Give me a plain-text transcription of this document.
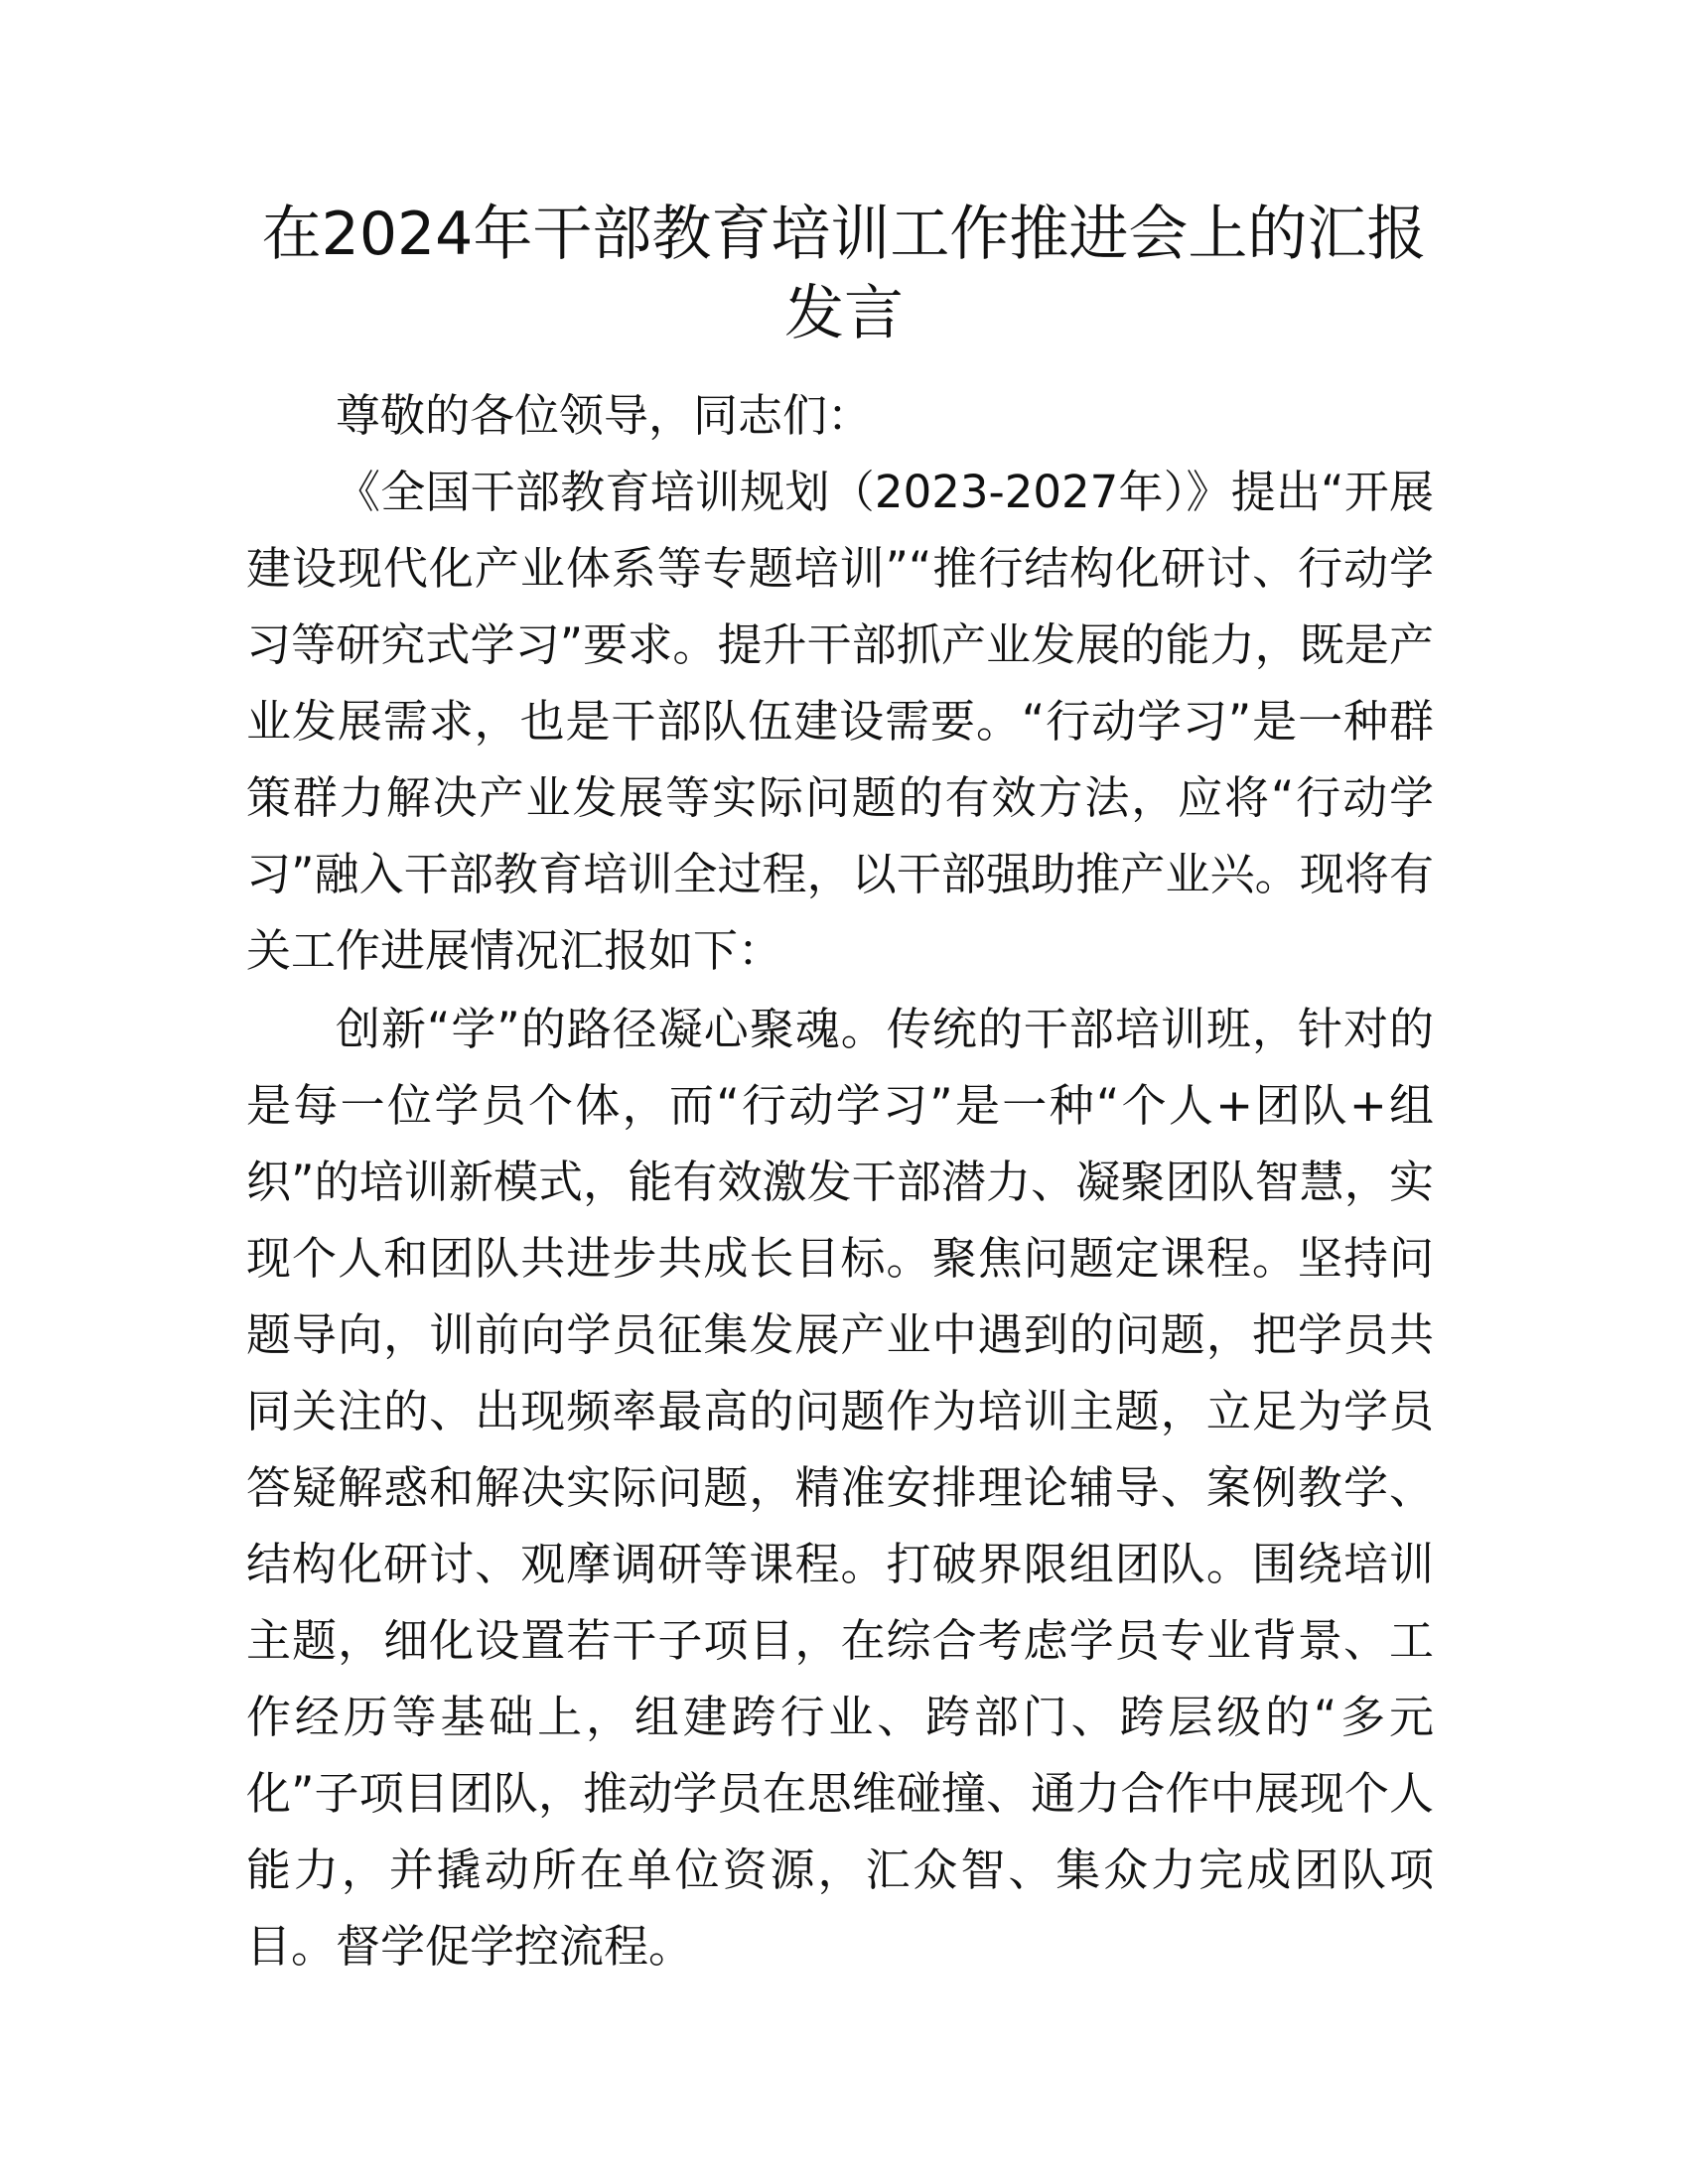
在2024年干部教育培训工作推进会上的汇报发言

尊敬的各位领导，同志们：

《全国干部教育培训规划（2023-2027年）》提出“开展建设现代化产业体系等专题培训”“推行结构化研讨、行动学习等研究式学习”要求。提升干部抓产业发展的能力，既是产业发展需求，也是干部队伍建设需要。“行动学习”是一种群策群力解决产业发展等实际问题的有效方法，应将“行动学习”融入干部教育培训全过程，以干部强助推产业兴。现将有关工作进展情况汇报如下：

创新“学”的路径凝心聚魂。传统的干部培训班，针对的是每一位学员个体，而“行动学习”是一种“个人+团队+组织”的培训新模式，能有效激发干部潜力、凝聚团队智慧，实现个人和团队共进步共成长目标。聚焦问题定课程。坚持问题导向，训前向学员征集发展产业中遇到的问题，把学员共同关注的、出现频率最高的问题作为培训主题，立足为学员答疑解惑和解决实际问题，精准安排理论辅导、案例教学、结构化研讨、观摩调研等课程。打破界限组团队。围绕培训主题，细化设置若干子项目，在综合考虑学员专业背景、工作经历等基础上，组建跨行业、跨部门、跨层级的“多元化”子项目团队，推动学员在思维碰撞、通力合作中展现个人能力，并撬动所在单位资源，汇众智、集众力完成团队项目。督学促学控流程。
